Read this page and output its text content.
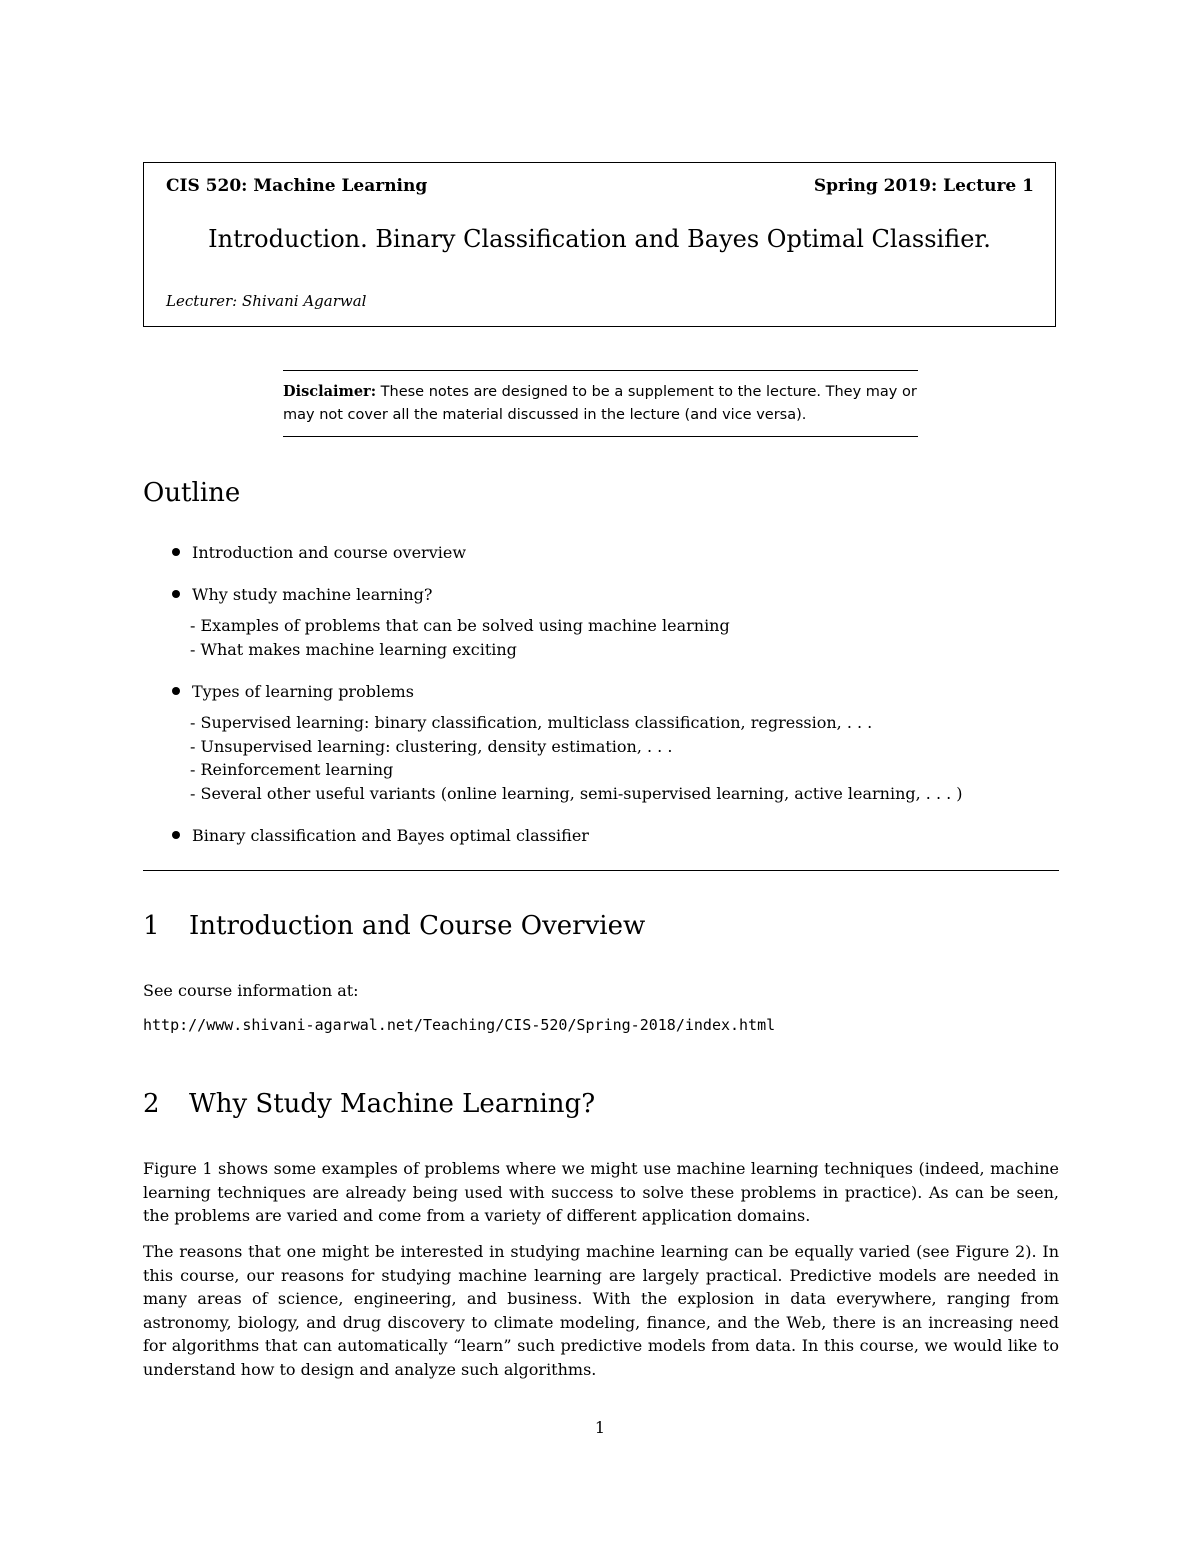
CIS 520: Machine Learning	Spring 2019: Lecture 1
Introduction. Binary Classification and Bayes Optimal Classifier.
Lecturer: Shivani Agarwal
Disclaimer: These notes are designed to be a supplement to the lecture. They may or may not cover all the material discussed in the lecture (and vice versa).
Outline
Introduction and course overview
Why study machine learning?
- Examples of problems that can be solved using machine learning
- What makes machine learning exciting
Types of learning problems
- Supervised learning: binary classification, multiclass classification, regression, . . .
- Unsupervised learning: clustering, density estimation, . . .
- Reinforcement learning
- Several other useful variants (online learning, semi-supervised learning, active learning, . . . )
Binary classification and Bayes optimal classifier
1 Introduction and Course Overview
See course information at:
http://www.shivani-agarwal.net/Teaching/CIS-520/Spring-2018/index.html
2 Why Study Machine Learning?
Figure 1 shows some examples of problems where we might use machine learning techniques (indeed, machine learning techniques are already being used with success to solve these problems in practice). As can be seen, the problems are varied and come from a variety of different application domains.
The reasons that one might be interested in studying machine learning can be equally varied (see Figure 2). In this course, our reasons for studying machine learning are largely practical. Predictive models are needed in many areas of science, engineering, and business. With the explosion in data everywhere, ranging from astronomy, biology, and drug discovery to climate modeling, finance, and the Web, there is an increasing need for algorithms that can automatically “learn” such predictive models from data. In this course, we would like to understand how to design and analyze such algorithms.
1
